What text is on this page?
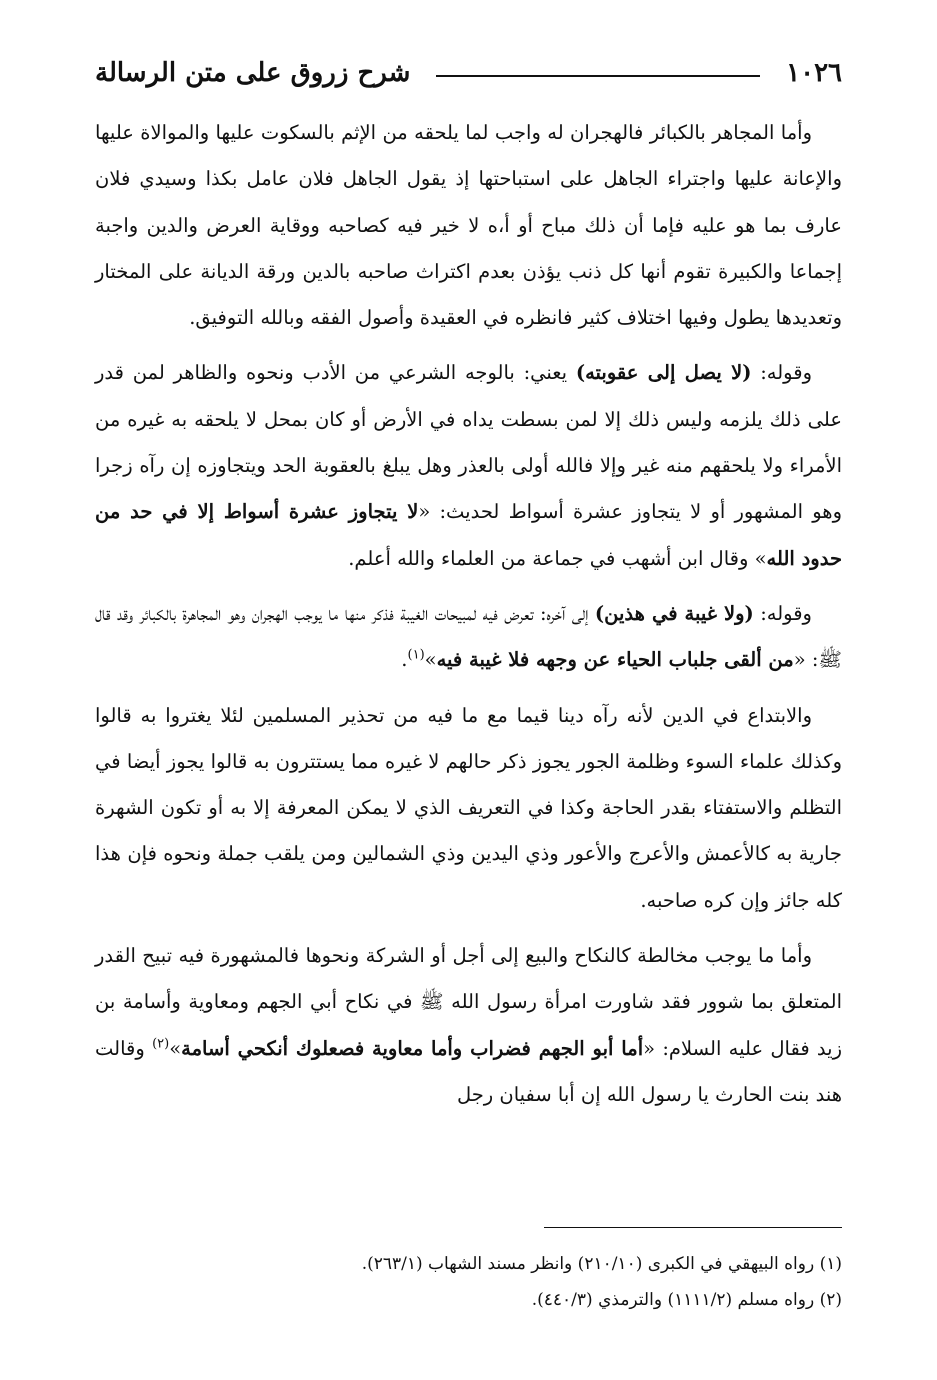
١٠٢٦
شرح زروق على متن الرسالة

وأما المجاهر بالكبائر فالهجران له واجب لما يلحقه من الإثم بالسكوت عليها والموالاة عليها والإعانة عليها واجتراء الجاهل على استباحتها إذ يقول الجاهل فلان عامل بكذا وسيدي فلان عارف بما هو عليه فإما أن ذلك مباح أو أ،ه لا خير فيه كصاحبه ووقاية العرض والدين واجبة إجماعا والكبيرة تقوم أنها كل ذنب يؤذن بعدم اكتراث صاحبه بالدين ورقة الديانة على المختار وتعديدها يطول وفيها اختلاف كثير فانظره في العقيدة وأصول الفقه وبالله التوفيق.

وقوله: (لا يصل إلى عقوبته) يعني: بالوجه الشرعي من الأدب ونحوه والظاهر لمن قدر على ذلك يلزمه وليس ذلك إلا لمن بسطت يداه في الأرض أو كان بمحل لا يلحقه به غيره من الأمراء ولا يلحقهم منه غير وإلا فالله أولى بالعذر وهل يبلغ بالعقوبة الحد ويتجاوزه إن رآه زجرا وهو المشهور أو لا يتجاوز عشرة أسواط لحديث: «لا يتجاوز عشرة أسواط إلا في حد من حدود الله» وقال ابن أشهب في جماعة من العلماء والله أعلم.

وقوله: (ولا غيبة في هذين) إلى آخره: تعرض فيه لمبيحات الغيبة فذكر منها ما يوجب الهجران وهو المجاهرة بالكبائر وقد قال ﷺ: «من ألقى جلباب الحياء عن وجهه فلا غيبة فيه»$^{(١)}$.

والابتداع في الدين لأنه رآه دينا قيما مع ما فيه من تحذير المسلمين لئلا يغتروا به قالوا وكذلك علماء السوء وظلمة الجور يجوز ذكر حالهم لا غيره مما يستترون به قالوا يجوز أيضا في التظلم والاستفتاء بقدر الحاجة وكذا في التعريف الذي لا يمكن المعرفة إلا به أو تكون الشهرة جارية به كالأعمش والأعرج والأعور وذي اليدين وذي الشمالين ومن يلقب جملة ونحوه فإن هذا كله جائز وإن كره صاحبه.

وأما ما يوجب مخالطة كالنكاح والبيع إلى أجل أو الشركة ونحوها فالمشهورة فيه تبيح القدر المتعلق بما شوور فقد شاورت امرأة رسول الله ﷺ في نكاح أبي الجهم ومعاوية وأسامة بن زيد فقال عليه السلام: «أما أبو الجهم فضراب وأما معاوية فصعلوك أنكحي أسامة»$^{(٢)}$ وقالت هند بنت الحارث يا رسول الله إن أبا سفيان رجل

(١) رواه البيهقي في الكبرى (٢١٠/١٠) وانظر مسند الشهاب (٢٦٣/١).
(٢) رواه مسلم (١١١١/٢) والترمذي (٤٤٠/٣).
